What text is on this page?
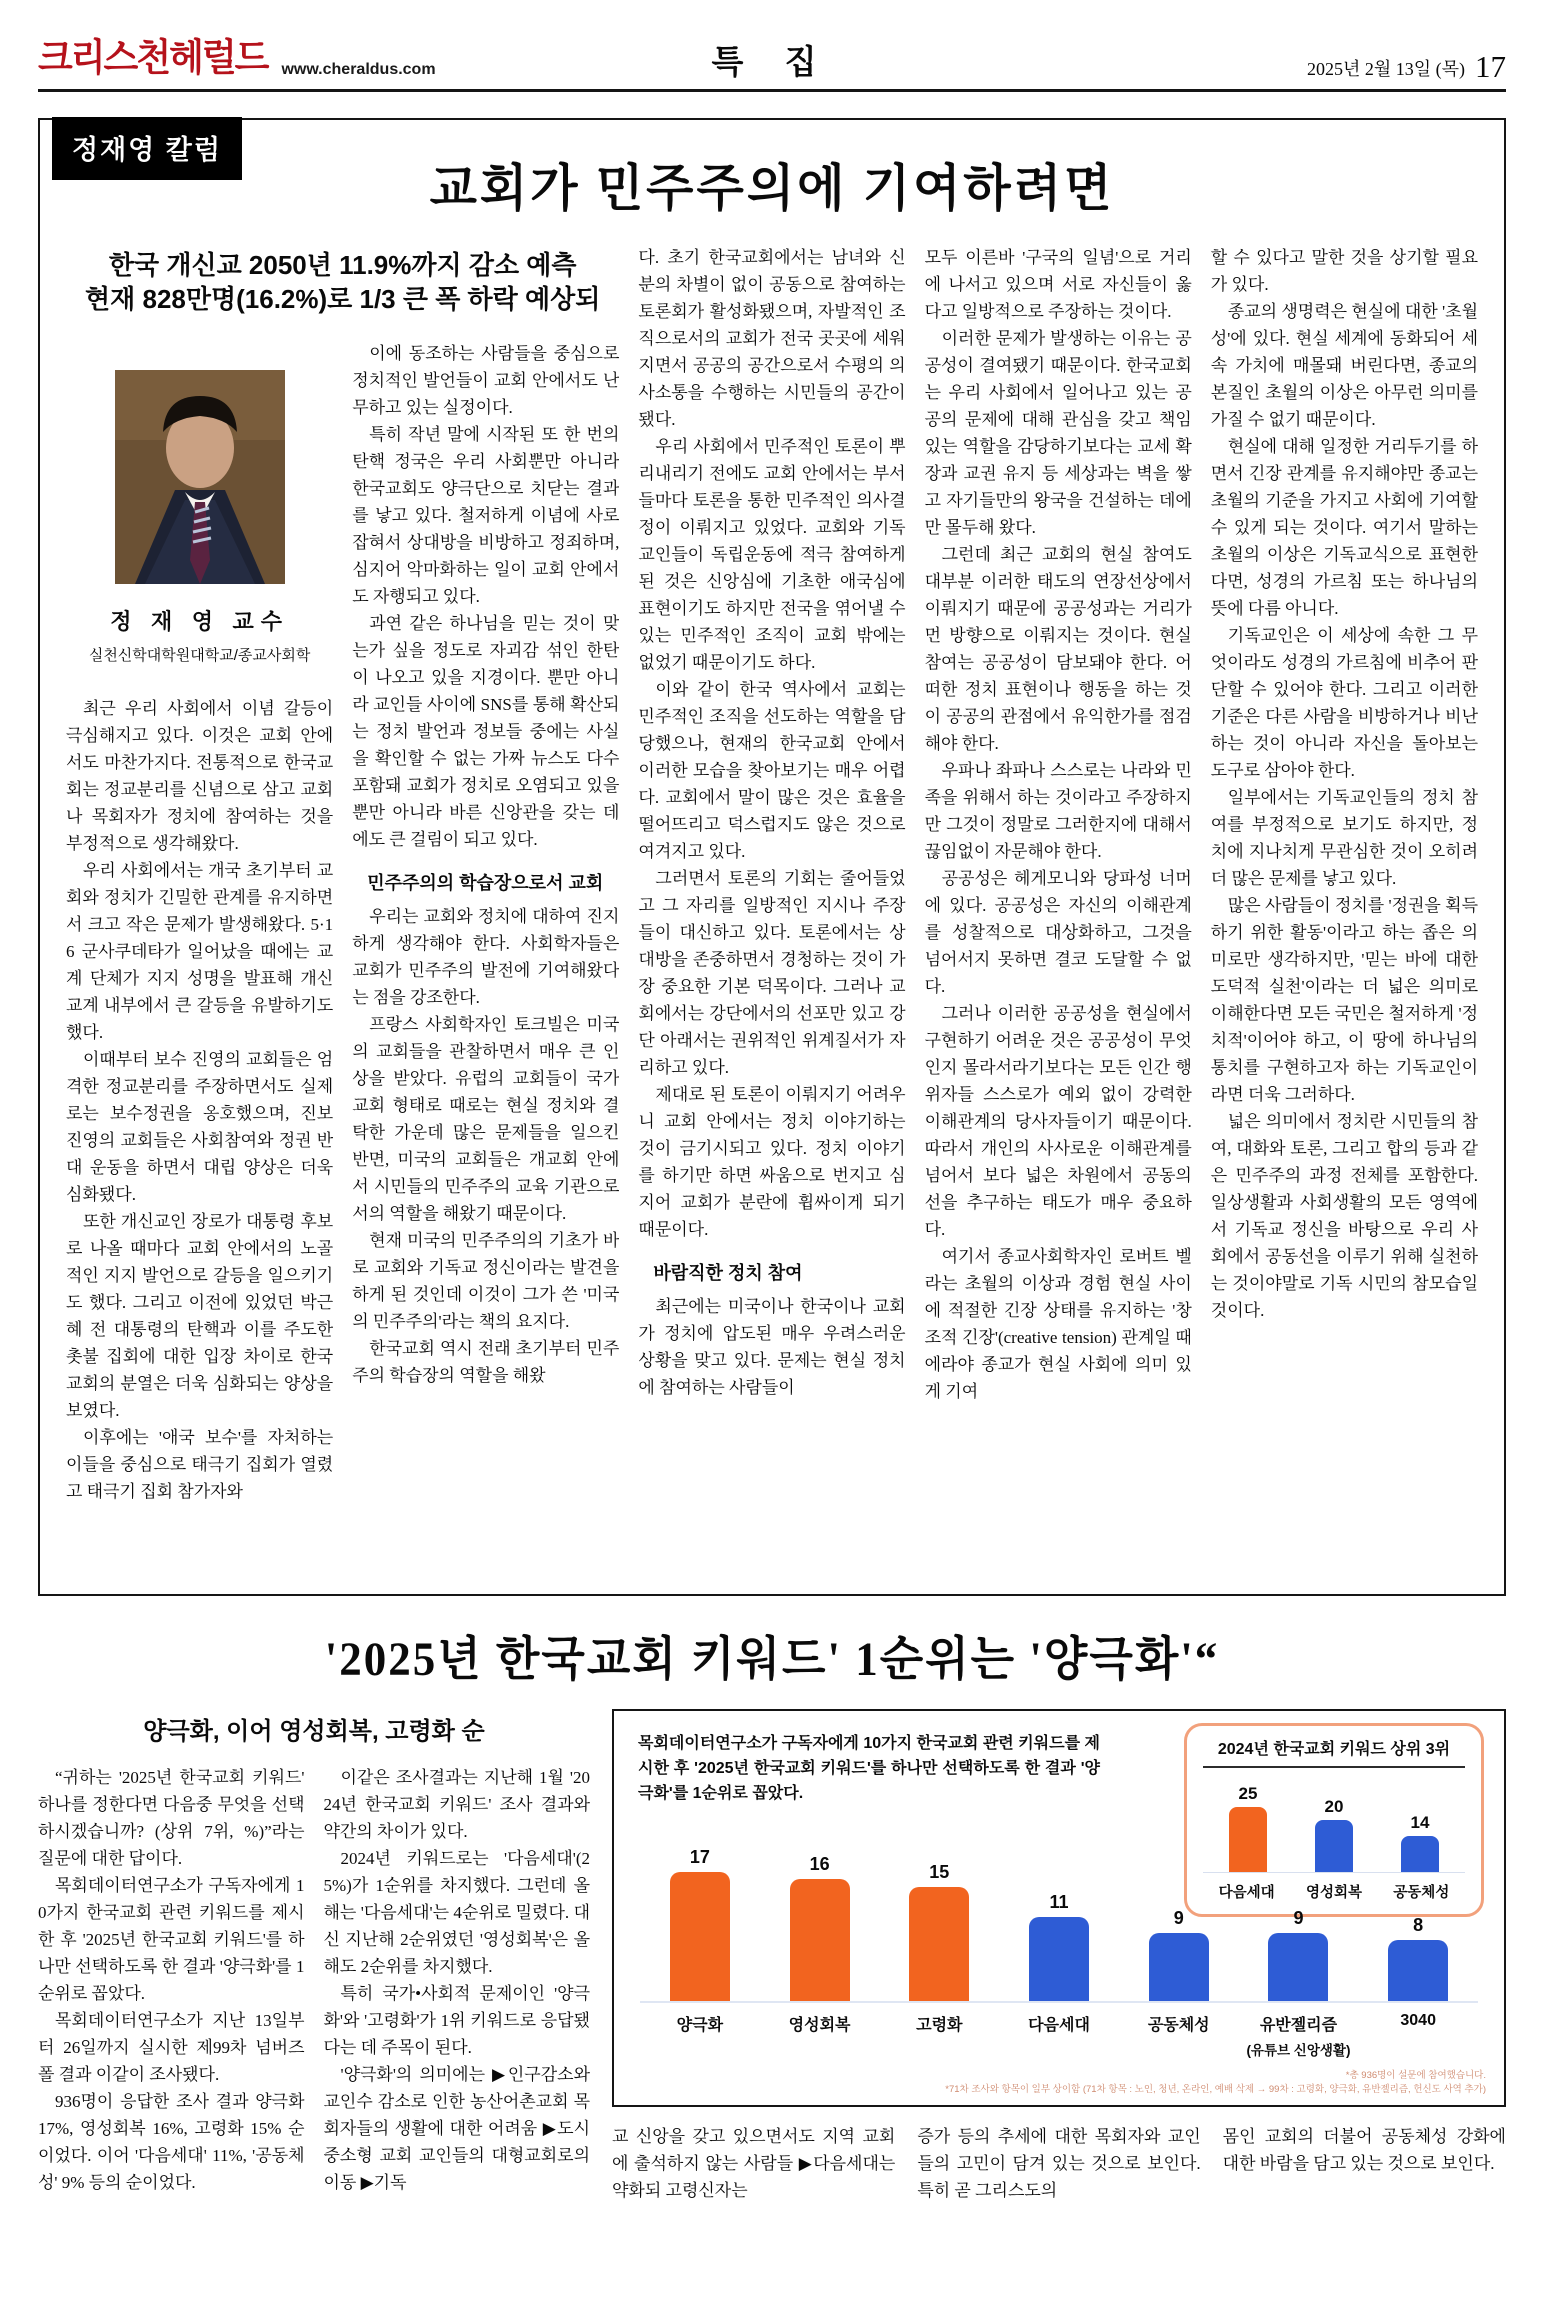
크리스천헤럴드 www.cheraldus.com	특 집	2025년 2월 13일 (목) 17
정재영 칼럼
교회가 민주주의에 기여하려면
한국 개신교 2050년 11.9%까지 감소 예측
현재 828만명(16.2%)로 1/3 큰 폭 하락 예상되
정 재 영 교수
실천신학대학원대학교/종교사회학

최근 우리 사회에서 이념 갈등이 극심해지고 있다. 이것은 교회 안에서도 마찬가지다. 전통적으로 한국교회는 정교분리를 신념으로 삼고 교회나 목회자가 정치에 참여하는 것을 부정적으로 생각해왔다.

우리 사회에서는 개국 초기부터 교회와 정치가 긴밀한 관계를 유지하면서 크고 작은 문제가 발생해왔다. 5·16 군사쿠데타가 일어났을 때에는 교계 단체가 지지 성명을 발표해 개신교계 내부에서 큰 갈등을 유발하기도 했다.

이때부터 보수 진영의 교회들은 엄격한 정교분리를 주장하면서도 실제로는 보수정권을 옹호했으며, 진보 진영의 교회들은 사회참여와 정권 반대 운동을 하면서 대립 양상은 더욱 심화됐다.

또한 개신교인 장로가 대통령 후보로 나올 때마다 교회 안에서의 노골적인 지지 발언으로 갈등을 일으키기도 했다. 그리고 이전에 있었던 박근혜 전 대통령의 탄핵과 이를 주도한 촛불 집회에 대한 입장 차이로 한국교회의 분열은 더욱 심화되는 양상을 보였다.

이후에는 '애국 보수'를 자처하는 이들을 중심으로 태극기 집회가 열렸고 태극기 집회 참가자와

이에 동조하는 사람들을 중심으로 정치적인 발언들이 교회 안에서도 난무하고 있는 실정이다.

특히 작년 말에 시작된 또 한 번의 탄핵 정국은 우리 사회뿐만 아니라 한국교회도 양극단으로 치닫는 결과를 낳고 있다. 철저하게 이념에 사로잡혀서 상대방을 비방하고 정죄하며, 심지어 악마화하는 일이 교회 안에서도 자행되고 있다.

과연 같은 하나님을 믿는 것이 맞는가 싶을 정도로 자괴감 섞인 한탄이 나오고 있을 지경이다. 뿐만 아니라 교인들 사이에 SNS를 통해 확산되는 정치 발언과 정보들 중에는 사실을 확인할 수 없는 가짜 뉴스도 다수 포함돼 교회가 정치로 오염되고 있을 뿐만 아니라 바른 신앙관을 갖는 데에도 큰 걸림이 되고 있다.

민주주의의 학습장으로서 교회

우리는 교회와 정치에 대하여 진지하게 생각해야 한다. 사회학자들은 교회가 민주주의 발전에 기여해왔다는 점을 강조한다.

프랑스 사회학자인 토크빌은 미국의 교회들을 관찰하면서 매우 큰 인상을 받았다. 유럽의 교회들이 국가 교회 형태로 때로는 현실 정치와 결탁한 가운데 많은 문제들을 일으킨 반면, 미국의 교회들은 개교회 안에서 시민들의 민주주의 교육 기관으로서의 역할을 해왔기 때문이다.

현재 미국의 민주주의의 기초가 바로 교회와 기독교 정신이라는 발견을 하게 된 것인데 이것이 그가 쓴 '미국의 민주주의'라는 책의 요지다.

한국교회 역시 전래 초기부터 민주주의 학습장의 역할을 해왔

다. 초기 한국교회에서는 남녀와 신분의 차별이 없이 공동으로 참여하는 토론회가 활성화됐으며, 자발적인 조직으로서의 교회가 전국 곳곳에 세워지면서 공공의 공간으로서 수평의 의사소통을 수행하는 시민들의 공간이 됐다.

우리 사회에서 민주적인 토론이 뿌리내리기 전에도 교회 안에서는 부서들마다 토론을 통한 민주적인 의사결정이 이뤄지고 있었다. 교회와 기독교인들이 독립운동에 적극 참여하게 된 것은 신앙심에 기초한 애국심에 표현이기도 하지만 전국을 엮어낼 수 있는 민주적인 조직이 교회 밖에는 없었기 때문이기도 하다.

이와 같이 한국 역사에서 교회는 민주적인 조직을 선도하는 역할을 담당했으나, 현재의 한국교회 안에서 이러한 모습을 찾아보기는 매우 어렵다. 교회에서 말이 많은 것은 효율을 떨어뜨리고 덕스럽지도 않은 것으로 여겨지고 있다.

그러면서 토론의 기회는 줄어들었고 그 자리를 일방적인 지시나 주장들이 대신하고 있다. 토론에서는 상대방을 존중하면서 경청하는 것이 가장 중요한 기본 덕목이다. 그러나 교회에서는 강단에서의 선포만 있고 강단 아래서는 권위적인 위계질서가 자리하고 있다.

제대로 된 토론이 이뤄지기 어려우니 교회 안에서는 정치 이야기하는 것이 금기시되고 있다. 정치 이야기를 하기만 하면 싸움으로 번지고 심지어 교회가 분란에 휩싸이게 되기 때문이다.

바람직한 정치 참여

최근에는 미국이나 한국이나 교회가 정치에 압도된 매우 우려스러운 상황을 맞고 있다. 문제는 현실 정치에 참여하는 사람들이

모두 이른바 '구국의 일념'으로 거리에 나서고 있으며 서로 자신들이 옳다고 일방적으로 주장하는 것이다.

이러한 문제가 발생하는 이유는 공공성이 결여됐기 때문이다. 한국교회는 우리 사회에서 일어나고 있는 공공의 문제에 대해 관심을 갖고 책임 있는 역할을 감당하기보다는 교세 확장과 교권 유지 등 세상과는 벽을 쌓고 자기들만의 왕국을 건설하는 데에만 몰두해 왔다.

그런데 최근 교회의 현실 참여도 대부분 이러한 태도의 연장선상에서 이뤄지기 때문에 공공성과는 거리가 먼 방향으로 이뤄지는 것이다. 현실 참여는 공공성이 담보돼야 한다. 어떠한 정치 표현이나 행동을 하는 것이 공공의 관점에서 유익한가를 점검해야 한다.

우파나 좌파나 스스로는 나라와 민족을 위해서 하는 것이라고 주장하지만 그것이 정말로 그러한지에 대해서 끊임없이 자문해야 한다.

공공성은 헤게모니와 당파성 너머에 있다. 공공성은 자신의 이해관계를 성찰적으로 대상화하고, 그것을 넘어서지 못하면 결코 도달할 수 없다.

그러나 이러한 공공성을 현실에서 구현하기 어려운 것은 공공성이 무엇인지 몰라서라기보다는 모든 인간 행위자들 스스로가 예외 없이 강력한 이해관계의 당사자들이기 때문이다. 따라서 개인의 사사로운 이해관계를 넘어서 보다 넓은 차원에서 공동의 선을 추구하는 태도가 매우 중요하다.

여기서 종교사회학자인 로버트 벨라는 초월의 이상과 경험 현실 사이에 적절한 긴장 상태를 유지하는 '창조적 긴장'(creative tension) 관계일 때에라야 종교가 현실 사회에 의미 있게 기여

할 수 있다고 말한 것을 상기할 필요가 있다.

종교의 생명력은 현실에 대한 '초월성'에 있다. 현실 세계에 동화되어 세속 가치에 매몰돼 버린다면, 종교의 본질인 초월의 이상은 아무런 의미를 가질 수 없기 때문이다.

현실에 대해 일정한 거리두기를 하면서 긴장 관계를 유지해야만 종교는 초월의 기준을 가지고 사회에 기여할 수 있게 되는 것이다. 여기서 말하는 초월의 이상은 기독교식으로 표현한다면, 성경의 가르침 또는 하나님의 뜻에 다름 아니다.

기독교인은 이 세상에 속한 그 무엇이라도 성경의 가르침에 비추어 판단할 수 있어야 한다. 그리고 이러한 기준은 다른 사람을 비방하거나 비난하는 것이 아니라 자신을 돌아보는 도구로 삼아야 한다.

일부에서는 기독교인들의 정치 참여를 부정적으로 보기도 하지만, 정치에 지나치게 무관심한 것이 오히려 더 많은 문제를 낳고 있다.

많은 사람들이 정치를 '정권을 획득하기 위한 활동'이라고 하는 좁은 의미로만 생각하지만, '믿는 바에 대한 도덕적 실천'이라는 더 넓은 의미로 이해한다면 모든 국민은 철저하게 '정치적'이어야 하고, 이 땅에 하나님의 통치를 구현하고자 하는 기독교인이라면 더욱 그러하다.

넓은 의미에서 정치란 시민들의 참여, 대화와 토론, 그리고 합의 등과 같은 민주주의 과정 전체를 포함한다. 일상생활과 사회생활의 모든 영역에서 기독교 정신을 바탕으로 우리 사회에서 공동선을 이루기 위해 실천하는 것이야말로 기독 시민의 참모습일 것이다.

'2025년 한국교회 키워드' 1순위는 '양극화'“
양극화, 이어 영성회복, 고령화 순

“귀하는 '2025년 한국교회 키워드' 하나를 정한다면 다음중 무엇을 선택하시겠습니까? (상위 7위, %)”라는 질문에 대한 답이다.

목회데이터연구소가 구독자에게 10가지 한국교회 관련 키워드를 제시한 후 '2025년 한국교회 키워드'를 하나만 선택하도록 한 결과 '양극화'를 1순위로 꼽았다.

목회데이터연구소가 지난 13일부터 26일까지 실시한 제99차 넘버즈 폴 결과 이같이 조사됐다.

936명이 응답한 조사 결과 양극화 17%, 영성회복 16%, 고령화 15% 순이었다. 이어 '다음세대' 11%, '공동체성' 9% 등의 순이었다.

이같은 조사결과는 지난해 1월 '2024년 한국교회 키워드' 조사 결과와 약간의 차이가 있다.

2024년 키워드로는 '다음세대'(25%)가 1순위를 차지했다. 그런데 올해는 '다음세대'는 4순위로 밀렸다. 대신 지난해 2순위였던 '영성회복'은 올해도 2순위를 차지했다.

특히 국가•사회적 문제이인 '양극화'와 '고령화'가 1위 키워드로 응답됐다는 데 주목이 된다.

'양극화'의 의미에는 ▶인구감소와 교인수 감소로 인한 농산어촌교회 목회자들의 생활에 대한 어려움 ▶도시 중소형 교회 교인들의 대형교회로의 이동 ▶기독

목회데이터연구소가 구독자에게 10가지 한국교회 관련 키워드를 제시한 후 '2025년 한국교회 키워드'를 하나만 선택하도록 한 결과 '양극화'를 1순위로 꼽았다.
2024년 한국교회 키워드 상위 3위
25
20
14
다음세대	영성회복	공동체성
17	16	15
11
9	9	8
양극화	영성회복	고령화	다음세대	공동체성	유반젤리즘
(유튜브 신앙생활)
3040
*총 936명이 설문에 참여했습니다.
*71차 조사와 항목이 일부 상이함 (71차 항목 : 노인, 청년, 온라인, 예배 삭제 → 99차 : 고령화, 양극화, 유반젤리즘, 헌신도 사역 추가)

교 신앙을 갖고 있으면서도 지역 교회에 출석하지 않는 사람들 ▶다음세대는 약화되 고령신자는

증가 등의 추세에 대한 목회자와 교인들의 고민이 담겨 있는 것으로 보인다. 특히 곧 그리스도의

몸인 교회의 더불어 공동체성 강화에 대한 바람을 담고 있는 것으로 보인다.
